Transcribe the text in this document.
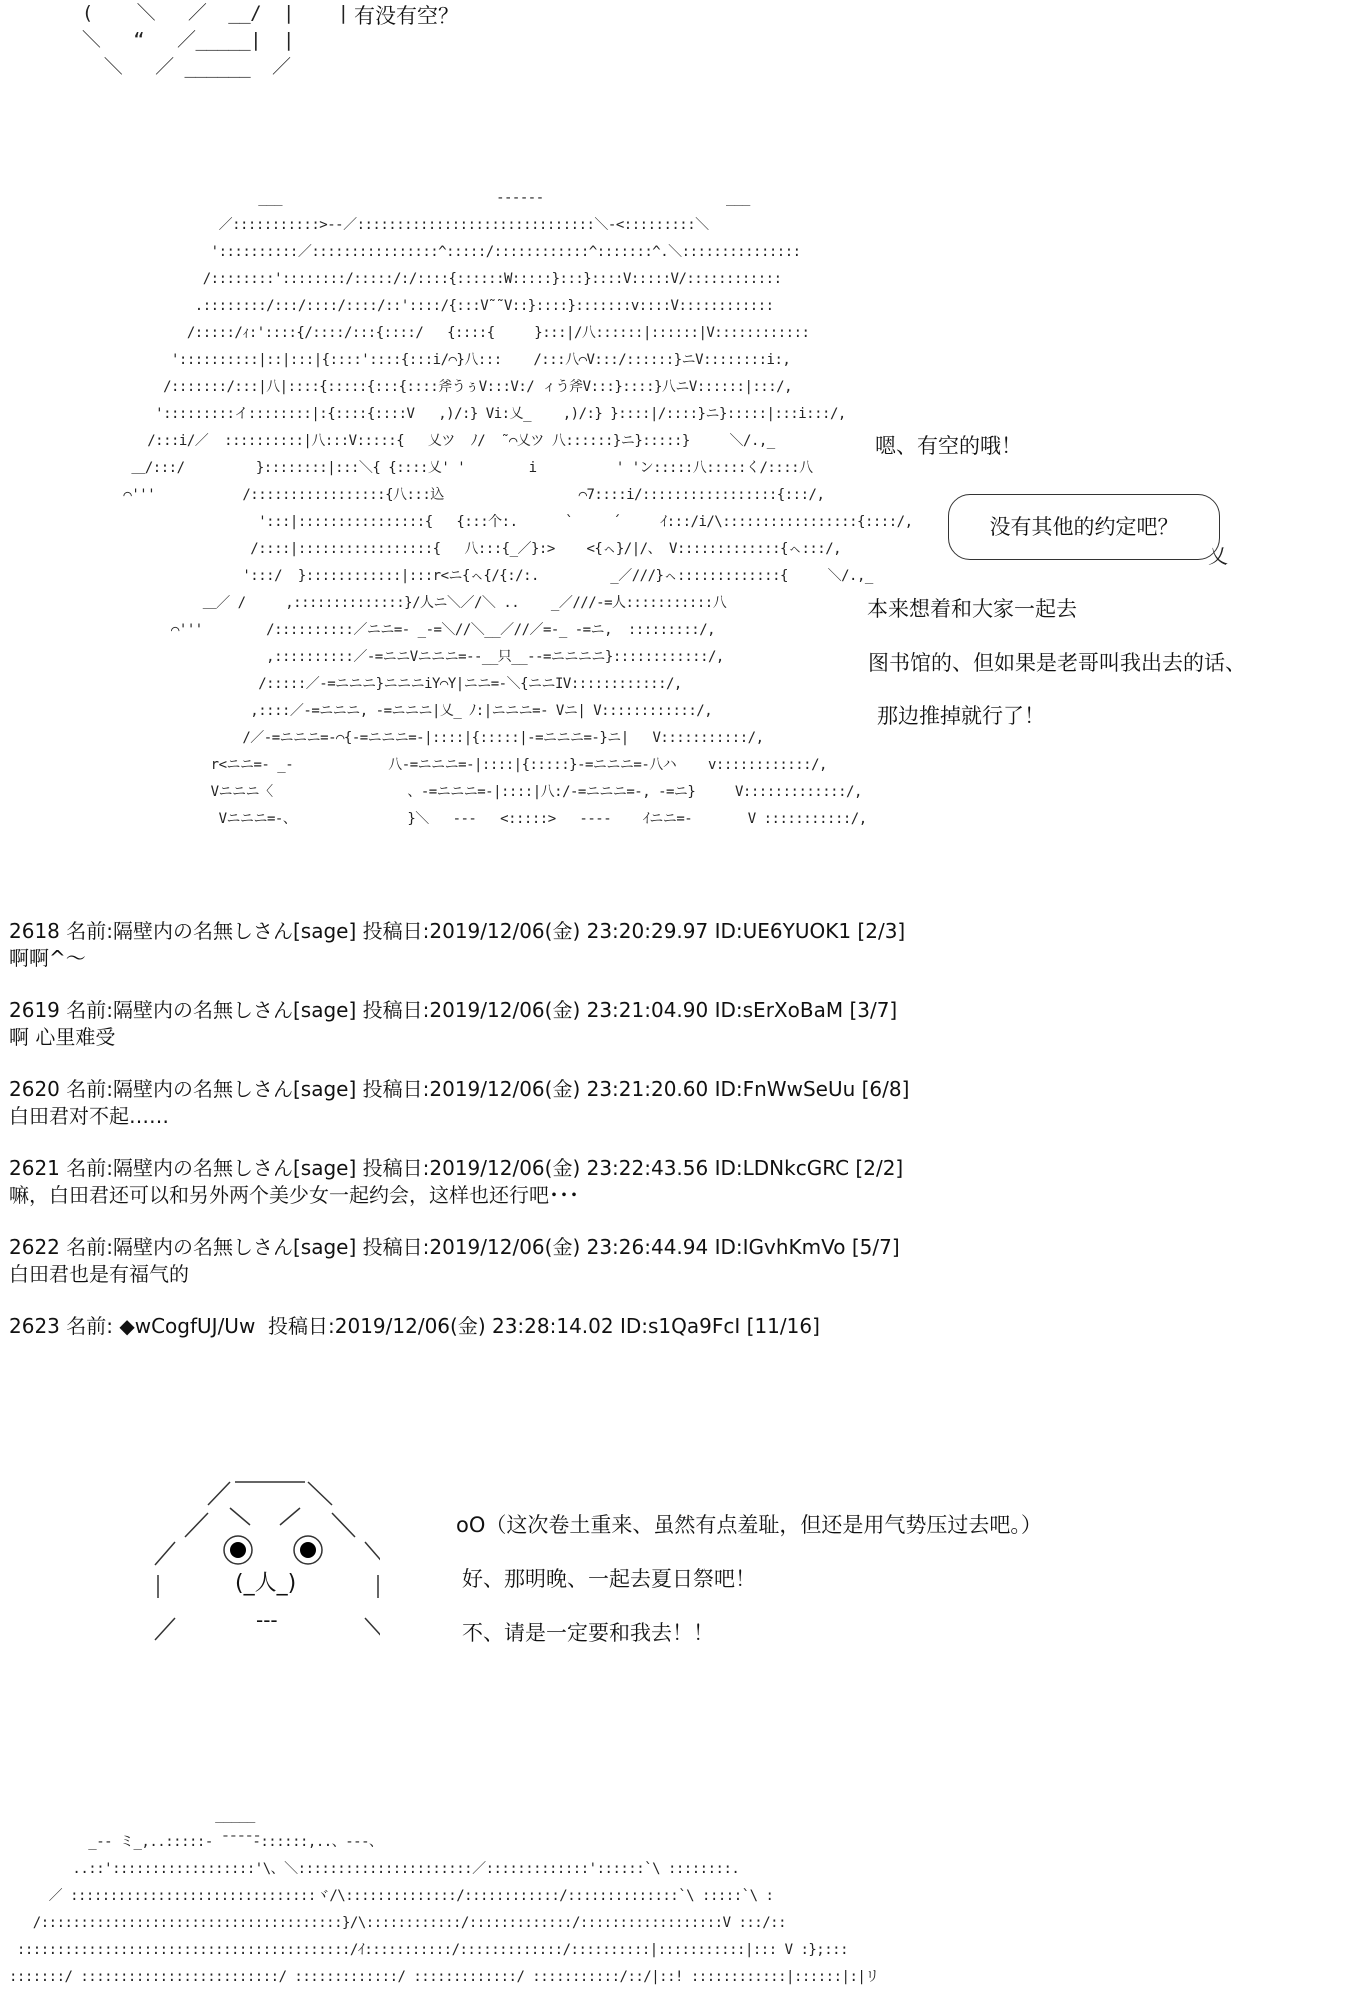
(    ＼   ／  __/  |    |
＼   “   ／_____|  |
＼   ／ ______  ／
有没有空？
___                           ------                       ___
／:::::::::::>--／::::::::::::::::::::::::::::::＼-<:::::::::＼
'::::::::::／::::::::::::::::^:::::/::::::::::::^:::::::^.＼:::::::::::::::
/::::::::'::::::::/:::::/:/::::{::::::W:::::}:::}::::V:::::V/::::::::::::
.::::::::/:::/::::/::::/::'::::/{:::V˜˜V::}::::}:::::::v::::V::::::::::::
/:::::/ｨ:'::::{/::::/:::{::::/   {::::{     }:::|/八::::::|::::::|V::::::::::::
'::::::::::|::|:::|{::::'::::{:::i/⌒}八:::    /:::八⌒V:::/::::::}ニV::::::::i:,
/:::::::/:::|八|::::{:::::{:::{::::斧うぅV:::V:/ ィう斧V:::}::::}八ニV::::::|:::/,
':::::::::イ::::::::|:{::::{::::V   ,)/:} Vi:乂_    ,)/:} }::::|/::::}ニ}:::::|:::i:::/,
/:::i/／  ::::::::::|八:::V:::::{   乂ツ  ﾉ/  ˜⌒乂ツ 八::::::}ニ}:::::}     ＼/.,_
＿/:::/         }::::::::|:::＼{ {::::乂' '        i          ' 'ン:::::八:::::く/::::八
⌒'''           /:::::::::::::::::{八:::込                 ⌒7::::i/:::::::::::::::::{:::/,
':::|::::::::::::::::{   {:::个:.      `     ´     ｲ:::/i/\:::::::::::::::::{::::/,
/::::|:::::::::::::::::{   八:::{_／}:>    <{ㇸ}/|/、 V:::::::::::::{ㇸ:::/,
':::/  }::::::::::::|:::r<ニ{ㇸ{/{:/:.         _／///}ㇸ:::::::::::::{     ＼/.,_
＿／ /     ,::::::::::::::}/人ニ＼／/＼ ..    _／///-=人:::::::::::八
⌒'''        /::::::::::／ニニ=- _-=＼//＼__／//／=-_ -=ニ,  :::::::::/,
,::::::::::／-=ニニVニニニ=--__只__--=ニニニニ}::::::::::::/,
/:::::／-=ニニニ}ニニニiY⌒Y|ニニ=-＼{ニニIV::::::::::::/,
,::::／-=ニニニ, -=ニニニ|乂_ ﾉ:|ニニニ=- Vニ| V::::::::::::/,
/／-=ニニニ=-⌒{-=ニニニ=-|::::|{:::::|-=ニニニ=-}ニ|   V:::::::::::/,
r<ニニ=- _-            八-=ニニニ=-|::::|{:::::}-=ニニニ=-八ハ    v::::::::::::/,
Vニニニ〈                 、-=ニニニ=-|::::|八:/-=ニニニ=-, -=ニ}     V:::::::::::::/,
Vニニニ=-、              }＼   ---   <:::::>   ----    ｲニニ=-       V :::::::::::/,
嗯、有空的哦！
没有其他的约定吧？
乂
本来想着和大家一起去
图书馆的、但如果是老哥叫我出去的话、
那边推掉就行了！
2618 名前:隔壁内の名無しさん[sage] 投稿日:2019/12/06(金) 23:20:29.97 ID:UE6YUOK1 [2/3]
啊啊^～
2619 名前:隔壁内の名無しさん[sage] 投稿日:2019/12/06(金) 23:21:04.90 ID:sErXoBaM [3/7]
啊 心里难受
2620 名前:隔壁内の名無しさん[sage] 投稿日:2019/12/06(金) 23:21:20.60 ID:FnWwSeUu [6/8]
白田君对不起……
2621 名前:隔壁内の名無しさん[sage] 投稿日:2019/12/06(金) 23:22:43.56 ID:LDNkcGRC [2/2]
嘛，白田君还可以和另外两个美少女一起约会，这样也还行吧･･･
2622 名前:隔壁内の名無しさん[sage] 投稿日:2019/12/06(金) 23:26:44.94 ID:IGvhKmVo [5/7]
白田君也是有福气的
2623 名前: ◆wCogfUJ/Uw 󠀠 投稿日:2019/12/06(金) 23:28:14.02 ID:s1Qa9FcI [11/16]
(_人_)
---
oO（这次卷土重来、虽然有点羞耻，但还是用气势压过去吧。）
好、那明晚、一起去夏日祭吧！
不、请是一定要和我去！！
_____
_-- ミ_,..:::::‐ ̄ ̄ ̄ ̄ ̄‐::::::,..、-‐-、
..::'::::::::::::::::::'\、＼::::::::::::::::::::::／:::::::::::::'::::::`\ ::::::::.
／ :::::::::::::::::::::::::::::::ヾ/\::::::::::::::/::::::::::::/::::::::::::::`\ :::::`\ :
/::::::::::::::::::::::::::::::::::::::}/\::::::::::::/:::::::::::::/::::::::::::::::::V :::/::
::::::::::::::::::::::::::::::::::::::::::/ｲ:::::::::::/:::::::::::::/::::::::::|:::::::::::|::: V :};:::
:::::::/ :::::::::::::::::::::::::/ :::::::::::::/ :::::::::::::/ :::::::::::/::/|::! ::::::::::::|::::::|:|リ
